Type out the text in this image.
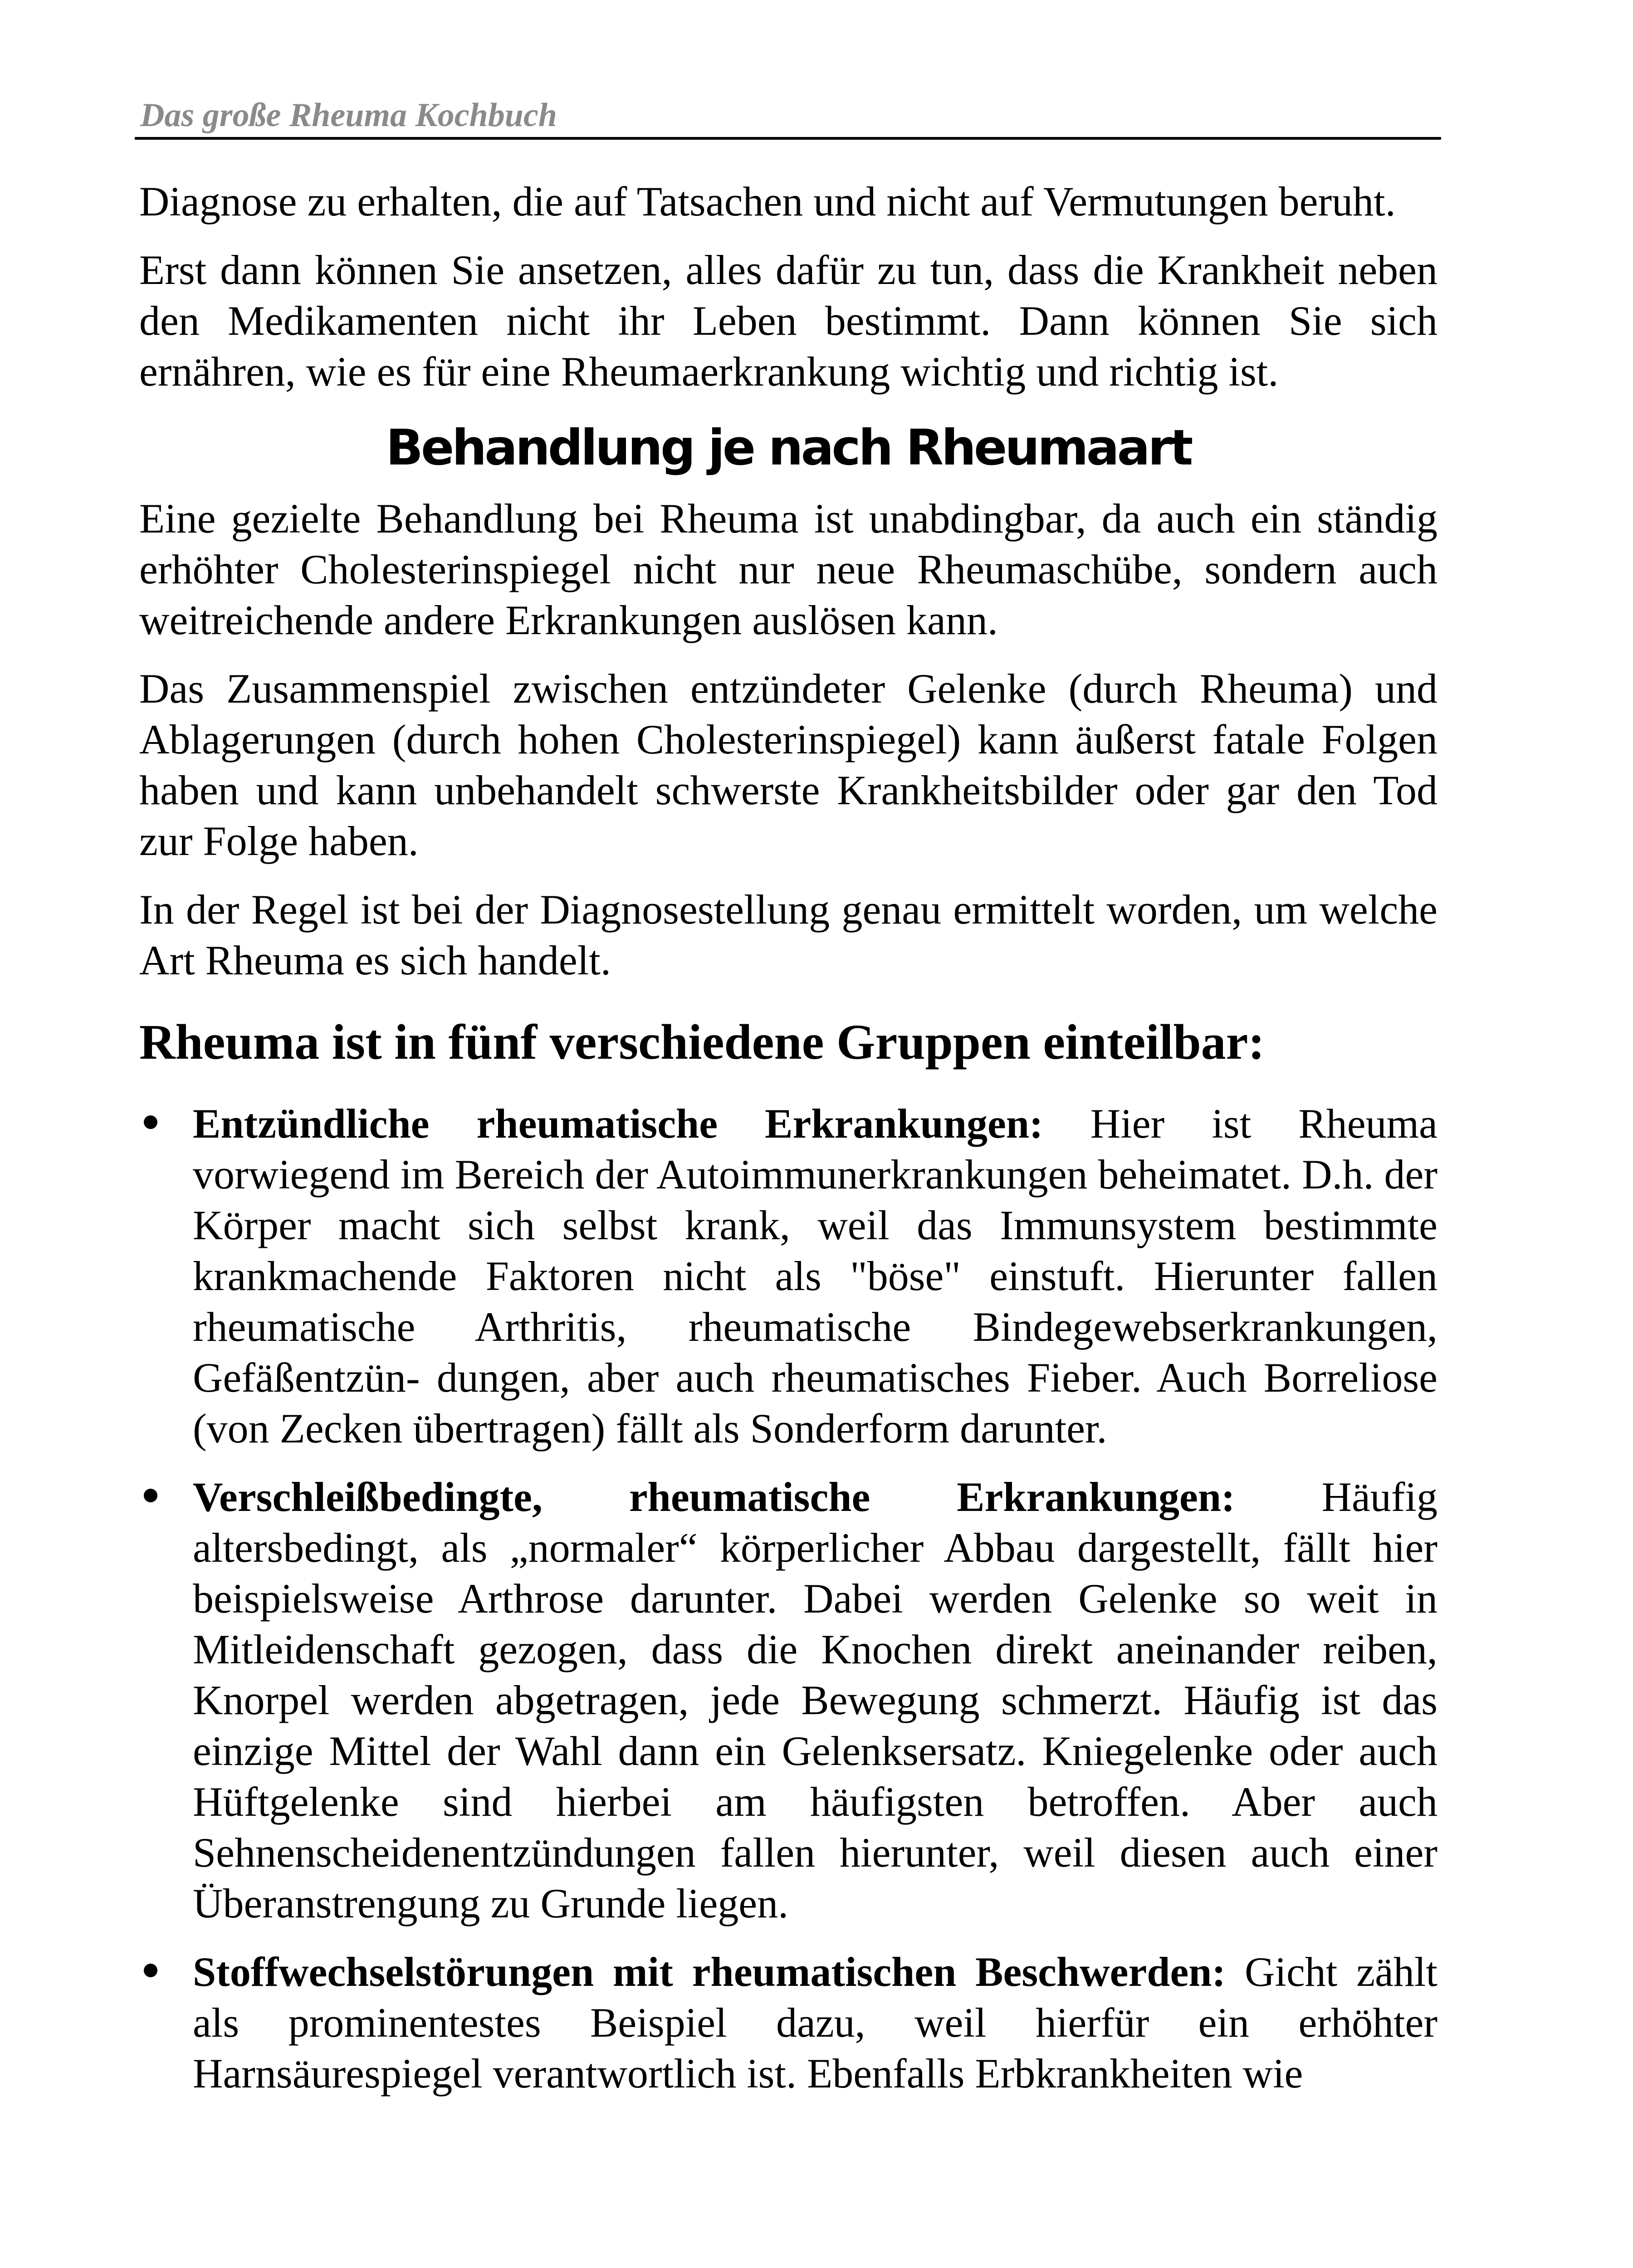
Das große Rheuma Kochbuch

Diagnose zu erhalten, die auf Tatsachen und nicht auf Vermutungen beruht.

Erst dann können Sie ansetzen, alles dafür zu tun, dass die Krankheit neben den Medikamenten nicht ihr Leben bestimmt. Dann können Sie sich ernähren, wie es für eine Rheumaerkrankung wichtig und richtig ist.

Behandlung je nach Rheumaart

Eine gezielte Behandlung bei Rheuma ist unabdingbar, da auch ein ständig erhöhter Cholesterinspiegel nicht nur neue Rheumaschübe, sondern auch weitreichende andere Erkrankungen auslösen kann.

Das Zusammenspiel zwischen entzündeter Gelenke (durch Rheuma) und Ablagerungen (durch hohen Cholesterinspiegel) kann äußerst fatale Folgen haben und kann unbehandelt schwerste Krankheitsbilder oder gar den Tod zur Folge haben.

In der Regel ist bei der Diagnosestellung genau ermittelt worden, um welche Art Rheuma es sich handelt.

Rheuma ist in fünf verschiedene Gruppen einteilbar:
Entzündliche rheumatische Erkrankungen: Hier ist Rheuma vorwiegend im Bereich der Autoimmunerkrankungen beheimatet. D.h. der Körper macht sich selbst krank, weil das Immunsystem bestimmte krankmachende Faktoren nicht als "böse" einstuft. Hierunter fallen rheumatische Arthritis, rheumatische Bindegewebserkrankungen, Gefäßentzün- dungen, aber auch rheumatisches Fieber. Auch Borreliose (von Zecken übertragen) fällt als Sonderform darunter.
Verschleißbedingte, rheumatische Erkrankungen: Häufig altersbedingt, als „normaler“ körperlicher Abbau dargestellt, fällt hier beispielsweise Arthrose darunter. Dabei werden Gelenke so weit in Mitleidenschaft gezogen, dass die Knochen direkt aneinander reiben, Knorpel werden abgetragen, jede Bewegung schmerzt. Häufig ist das einzige Mittel der Wahl dann ein Gelenksersatz. Kniegelenke oder auch Hüftgelenke sind hierbei am häufigsten betroffen. Aber auch Sehnenscheidenentzündungen fallen hierunter, weil diesen auch einer Überanstrengung zu Grunde liegen.
Stoffwechselstörungen mit rheumatischen Beschwerden: Gicht zählt als prominentestes Beispiel dazu, weil hierfür ein erhöhter Harnsäurespiegel verantwortlich ist. Ebenfalls Erbkrankheiten wie
